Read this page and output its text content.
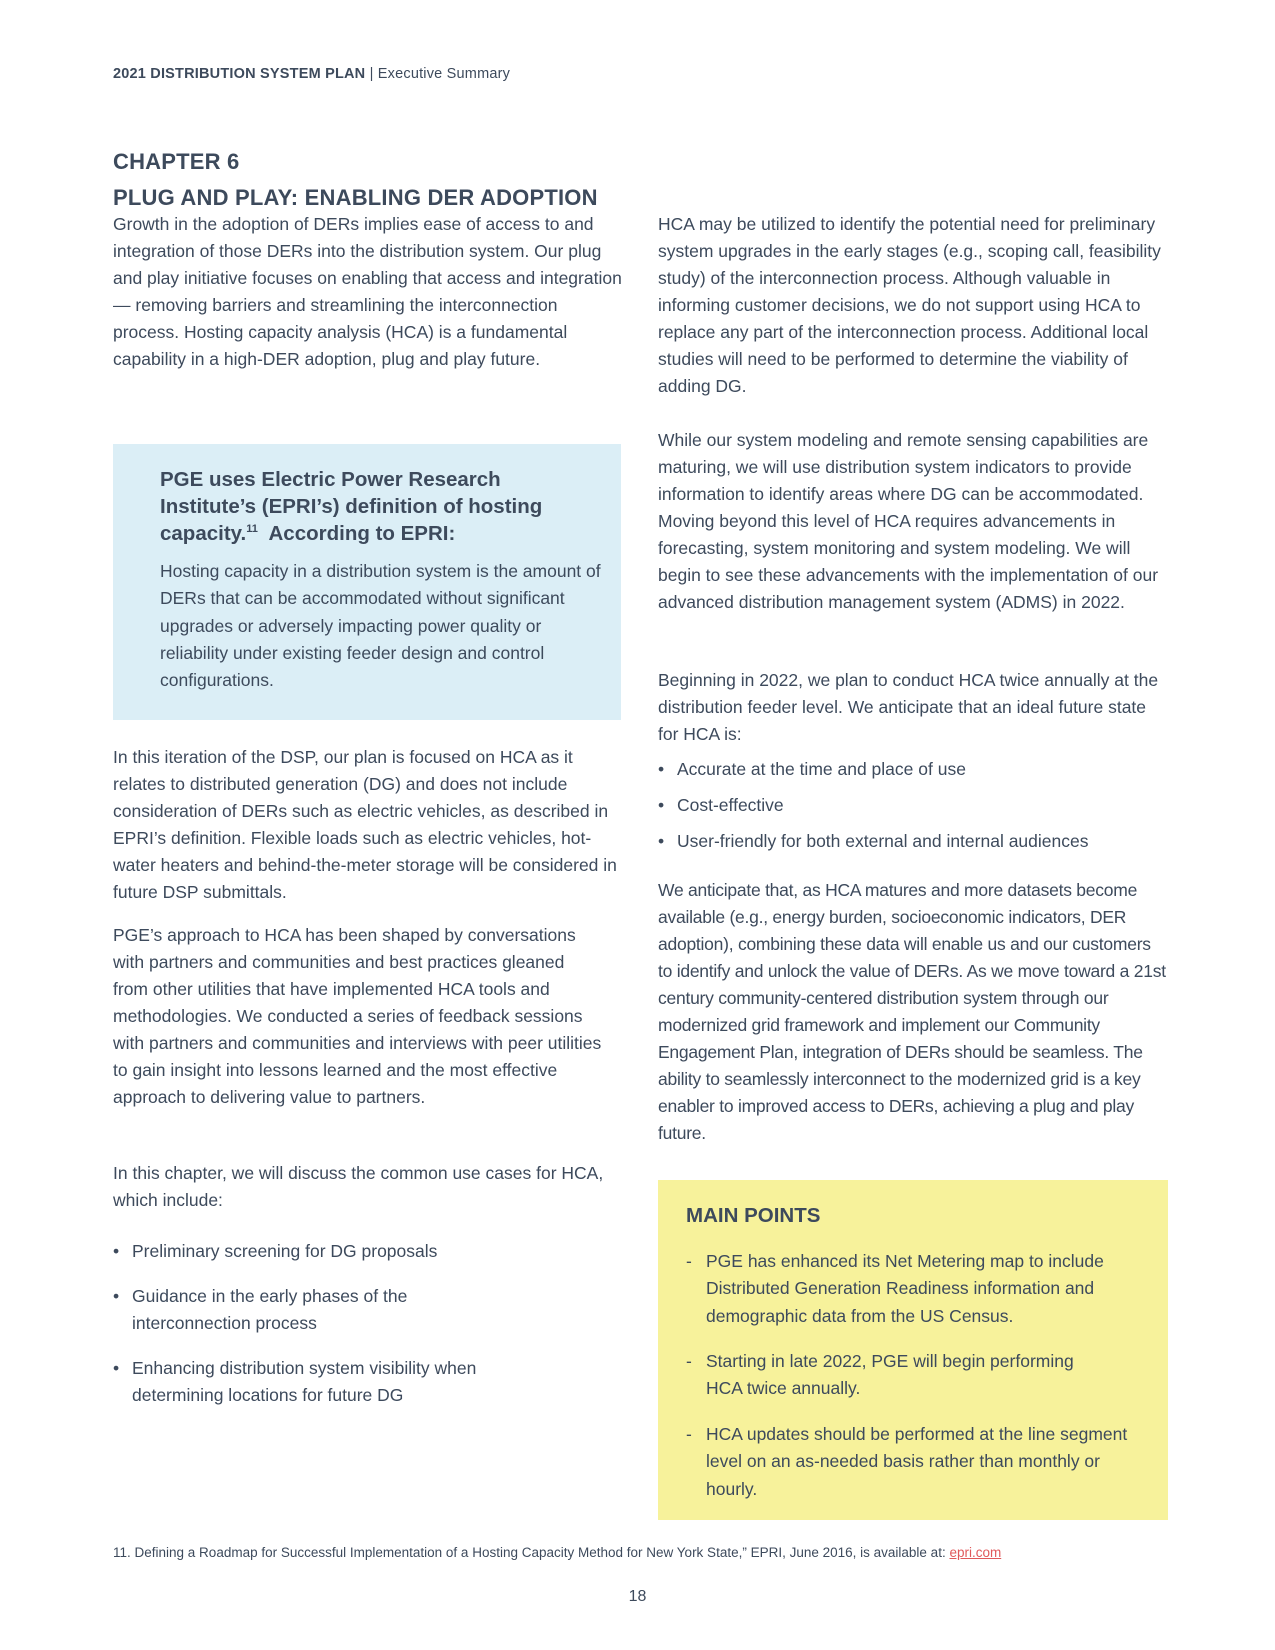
2021 DISTRIBUTION SYSTEM PLAN | Executive Summary
CHAPTER 6
PLUG AND PLAY: ENABLING DER ADOPTION

Growth in the adoption of DERs implies ease of access to and integration of those DERs into the distribution system. Our plug and play initiative focuses on enabling that access and integration — removing barriers and streamlining the interconnection process. Hosting capacity analysis (HCA) is a fundamental capability in a high-DER adoption, plug and play future.

PGE uses Electric Power Research Institute’s (EPRI’s) definition of hosting capacity.$^{11}$  According to EPRI:
Hosting capacity in a distribution system is the amount of DERs that can be accommodated without significant upgrades or adversely impacting power quality or reliability under existing feeder design and control configurations.

In this iteration of the DSP, our plan is focused on HCA as it relates to distributed generation (DG) and does not include consideration of DERs such as electric vehicles, as described in EPRI’s definition. Flexible loads such as electric vehicles, hot-water heaters and behind-the-meter storage will be considered in future DSP submittals.

PGE’s approach to HCA has been shaped by conversations with partners and communities and best practices gleaned from other utilities that have implemented HCA tools and methodologies. We conducted a series of feedback sessions with partners and communities and interviews with peer utilities to gain insight into lessons learned and the most effective approach to delivering value to partners.

In this chapter, we will discuss the common use cases for HCA, which include:

• Preliminary screening for DG proposals
• Guidance in the early phases of the  interconnection process
• Enhancing distribution system visibility when determining locations for future DG

HCA may be utilized to identify the potential need for preliminary system upgrades in the early stages (e.g., scoping call, feasibility study) of the interconnection process. Although valuable in informing customer decisions, we do not support using HCA to replace any part of the interconnection process. Additional local studies will need to be performed to determine the viability of adding DG.

While our system modeling and remote sensing capabilities are maturing, we will use distribution system indicators to provide information to identify areas where DG can be accommodated. Moving beyond this level of HCA requires advancements in forecasting, system monitoring and system modeling. We will begin to see these advancements with the implementation of our advanced distribution management system (ADMS) in 2022.

Beginning in 2022, we plan to conduct HCA twice annually at the distribution feeder level. We anticipate that an ideal future state for HCA is:

• Accurate at the time and place of use
• Cost-effective
• User-friendly for both external and internal audiences

We anticipate that, as HCA matures and more datasets become available (e.g., energy burden, socioeconomic indicators, DER adoption), combining these data will enable us and our customers to identify and unlock the value of DERs. As we move toward a 21st century community-centered distribution system through our modernized grid framework and implement our Community Engagement Plan, integration of DERs should be seamless. The ability to seamlessly interconnect to the modernized grid is a key enabler to improved access to DERs, achieving a plug and play future.

MAIN POINTS
- PGE has enhanced its Net Metering map to include Distributed Generation Readiness information and demographic data from the US Census.
- Starting in late 2022, PGE will begin performing HCA twice annually.
- HCA updates should be performed at the line segment level on an as-needed basis rather than monthly or hourly.
11. Defining a Roadmap for Successful Implementation of a Hosting Capacity Method for New York State,” EPRI, June 2016, is available at: epri.com
18
